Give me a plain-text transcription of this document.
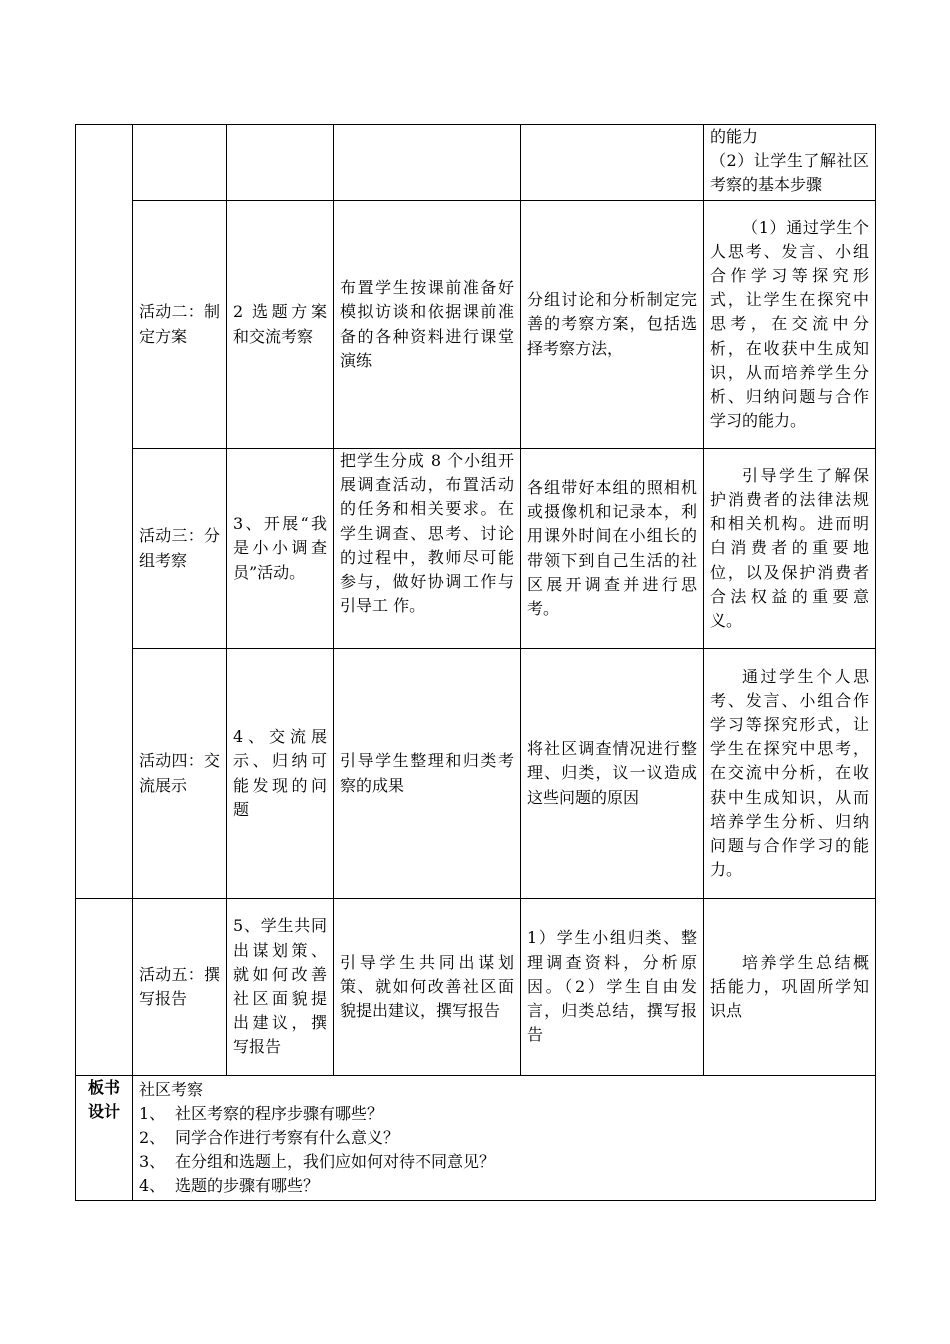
					的能力
（2）让学生了解社区考察的基本步骤

	活动二：制定方案	2 选题方案和交流考察	布置学生按课前准备好模拟访谈和依据课前准备的各种资料进行课堂演练	分组讨论和分析制定完善的考察方案，包括选择考察方法，	（1）通过学生个人思考、发言、小组合作学习等探究形式，让学生在探究中思考，在交流中分析，在收获中生成知识，从而培养学生分析、归纳问题与合作学习的能力。
	活动三：分组考察	3、开展“我是小小调查员”活动。	把学生分成 8 个小组开展调查活动，布置活动的任务和相关要求。在学生调查、思考、讨论的过程中，教师尽可能参与，做好协调工作与引导工 作。	各组带好本组的照相机或摄像机和记录本，利用课外时间在小组长的带领下到自己生活的社区展开调查并进行思考。	引导学生了解保护消费者的法律法规和相关机构。进而明白消费者的重要地位，以及保护消费者合法权益的重要意义。
	活动四：交流展示	4、交流展示、归纳可能发现的问题	引导学生整理和归类考察的成果	将社区调查情况进行整理、归类，议一议造成这些问题的原因	通过学生个人思考、发言、小组合作学习等探究形式，让学生在探究中思考，在交流中分析，在收获中生成知识，从而培养学生分析、归纳问题与合作学习的能力。
	活动五：撰写报告	5、学生共同出谋划策、就如何改善社区面貌提出建议，撰写报告	引导学生共同出谋划策、就如何改善社区面貌提出建议，撰写报告	1）学生小组归类、整理调查资料，分析原因。（2）学生自由发言，归类总结，撰写报告	培养学生总结概括能力，巩固所学知识点
板书设计	社区考察
1、 社区考察的程序步骤有哪些？
2、 同学合作进行考察有什么意义？
3、 在分组和选题上，我们应如何对待不同意见？
4、 选题的步骤有哪些？				
